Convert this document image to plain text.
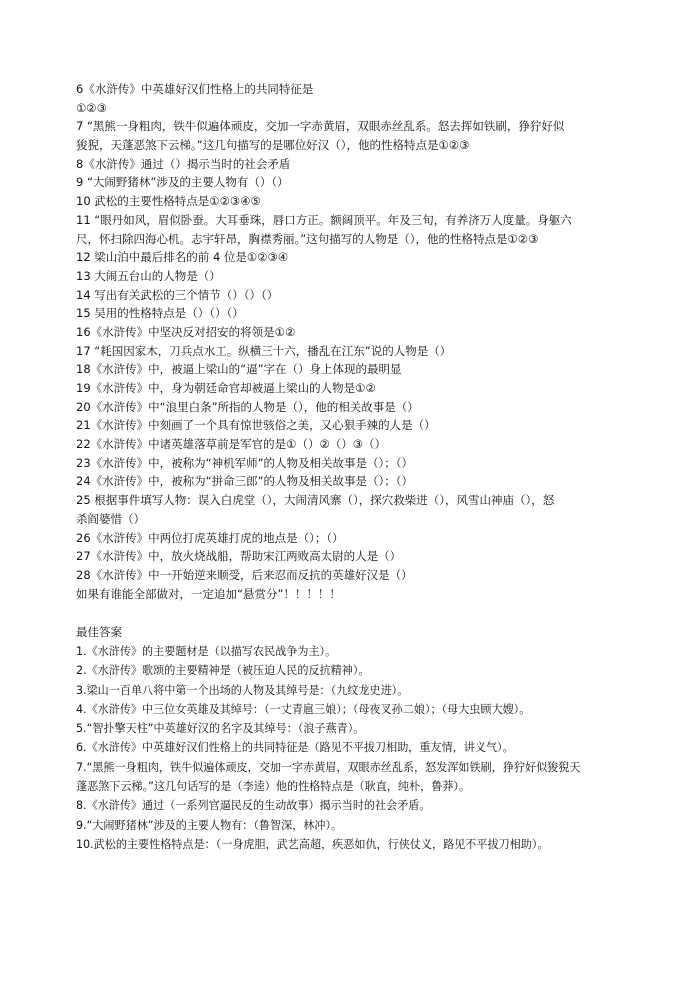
6《水浒传》中英雄好汉们性格上的共同特征是
①②③
7 “黑熊一身粗肉，铁牛似遍体顽皮，交加一字赤黄眉，双眼赤丝乱系。怒去挥如铁刷，狰狞好似
狻猊，天蓬恶煞下云梯。”这几句描写的是哪位好汉（），他的性格特点是①②③
8《水浒传》通过（）揭示当时的社会矛盾
9 “大闹野猪林”涉及的主要人物有（）（）
10 武松的主要性格特点是①②③④⑤
11 “眼丹如风，眉似卧蚕。大耳垂珠，唇口方正。额阔顶平。年及三旬，有养济万人度量。身躯六
尺，怀扫除四海心机。志宇轩昂，胸襟秀丽。”这句描写的人物是（），他的性格特点是①②③
12 梁山泊中最后排名的前 4 位是①②③④
13 大闹五台山的人物是（）
14 写出有关武松的三个情节（）（）（）
15 吴用的性格特点是（）（）（）
16《水浒传》中坚决反对招安的将领是①②
17 “耗国因家木，刀兵点水工。纵横三十六，播乱在江东”说的人物是（）
18《水浒传》中，被逼上梁山的“逼”字在（）身上体现的最明显
19《水浒传》中，身为朝廷命官却被逼上梁山的人物是①②
20《水浒传》中“浪里白条”所指的人物是（），他的相关故事是（）
21《水浒传》中刻画了一个具有惊世骇俗之美，又心狠手辣的人是（）
22《水浒传》中诸英雄落草前是军官的是①（）②（）③（）
23《水浒传》中，被称为“神机军师”的人物及相关故事是（）；（）
24《水浒传》中，被称为“拼命三郎”的人物及相关故事是（）；（）
25 根据事件填写人物：误入白虎堂（），大闹清风寨（），探穴救柴进（），风雪山神庙（），怒
杀阎婆惜（）
26《水浒传》中两位打虎英雄打虎的地点是（）；（）
27《水浒传》中，放火烧战船，帮助宋江两败高太尉的人是（）
28《水浒传》中一开始逆来顺受，后来忍而反抗的英雄好汉是（）
如果有谁能全部做对，一定追加“悬赏分”！！！！！
最佳答案
1.《水浒传》的主要题材是（以描写农民战争为主）。
2.《水浒传》歌颂的主要精神是（被压迫人民的反抗精神）。
3.梁山一百单八将中第一个出场的人物及其绰号是：（九纹龙史进）。
4.《水浒传》中三位女英雄及其绰号：（一丈青扈三娘）；（母夜叉孙二娘）；（母大虫顾大嫂）。
5.“智扑擎天柱”中英雄好汉的名字及其绰号：（浪子燕青）。
6.《水浒传》中英雄好汉们性格上的共同特征是（路见不平拔刀相助，重友情，讲义气）。
7.“黑熊一身粗肉，铁牛似遍体顽皮，交加一字赤黄眉，双眼赤丝乱系，怒发浑如铁刷，狰狞好似狻猊天
蓬恶煞下云梯。”这几句话写的是（李逵）他的性格特点是（耿直，纯朴，鲁莽）。
8.《水浒传》通过（一系列官逼民反的生动故事）揭示当时的社会矛盾。
9.“大闹野猪林”涉及的主要人物有：（鲁智深，林冲）。
10.武松的主要性格特点是：（一身虎胆，武艺高超，疾恶如仇，行侠仗义，路见不平拔刀相助）。
